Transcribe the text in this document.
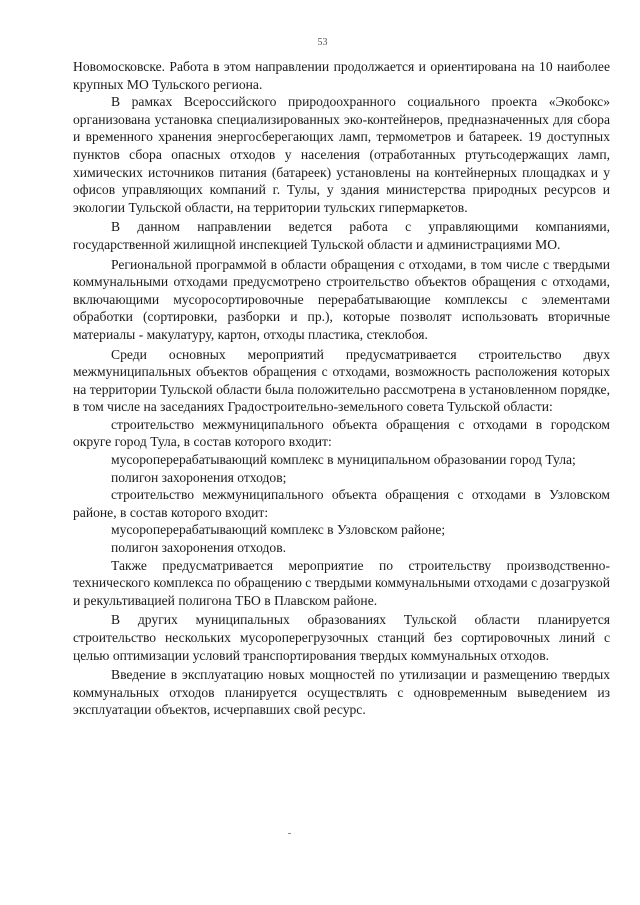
53

Новомосковске. Работа в этом направлении продолжается и ориентирована на 10 наиболее крупных МО Тульского региона.

В рамках Всероссийского природоохранного социального проекта «Экобокс» организована установка специализированных эко-контейнеров, предназначенных для сбора и временного хранения энергосберегающих ламп, термометров и батареек. 19 доступных пунктов сбора опасных отходов у населения (отработанных ртутьсодержащих ламп, химических источников питания (батареек) установлены на контейнерных площадках и у офисов управляющих компаний г. Тулы, у здания министерства природных ресурсов и экологии Тульской области, на территории тульских гипермаркетов.

В данном направлении ведется работа с управляющими компаниями, государственной жилищной инспекцией Тульской области и администрациями МО.

Региональной программой в области обращения с отходами, в том числе с твердыми коммунальными отходами предусмотрено строительство объектов обращения с отходами, включающими мусоросортировочные перерабатывающие комплексы с элементами обработки (сортировки, разборки и пр.), которые позволят использовать вторичные материалы - макулатуру, картон, отходы пластика, стеклобоя.

Среди основных мероприятий предусматривается строительство двух межмуниципальных объектов обращения с отходами, возможность расположения которых на территории Тульской области была положительно рассмотрена в установленном порядке, в том числе на заседаниях Градостроительно-земельного совета Тульской области:

строительство межмуниципального объекта обращения с отходами в городском округе город Тула, в состав которого входит:

мусороперерабатывающий комплекс в муниципальном образовании город Тула;

полигон захоронения отходов;

строительство межмуниципального объекта обращения с отходами в Узловском районе, в состав которого входит:

мусороперерабатывающий комплекс в Узловском районе;

полигон захоронения отходов.

Также предусматривается мероприятие по строительству производственно-технического комплекса по обращению с твердыми коммунальными отходами с дозагрузкой и рекультивацией полигона ТБО в Плавском районе.

В других муниципальных образованиях Тульской области планируется строительство нескольких мусороперегрузочных станций без сортировочных линий с целью оптимизации условий транспортирования твердых коммунальных отходов.

Введение в эксплуатацию новых мощностей по утилизации и размещению твердых коммунальных отходов планируется осуществлять с одновременным выведением из эксплуатации объектов, исчерпавших свой ресурс.
